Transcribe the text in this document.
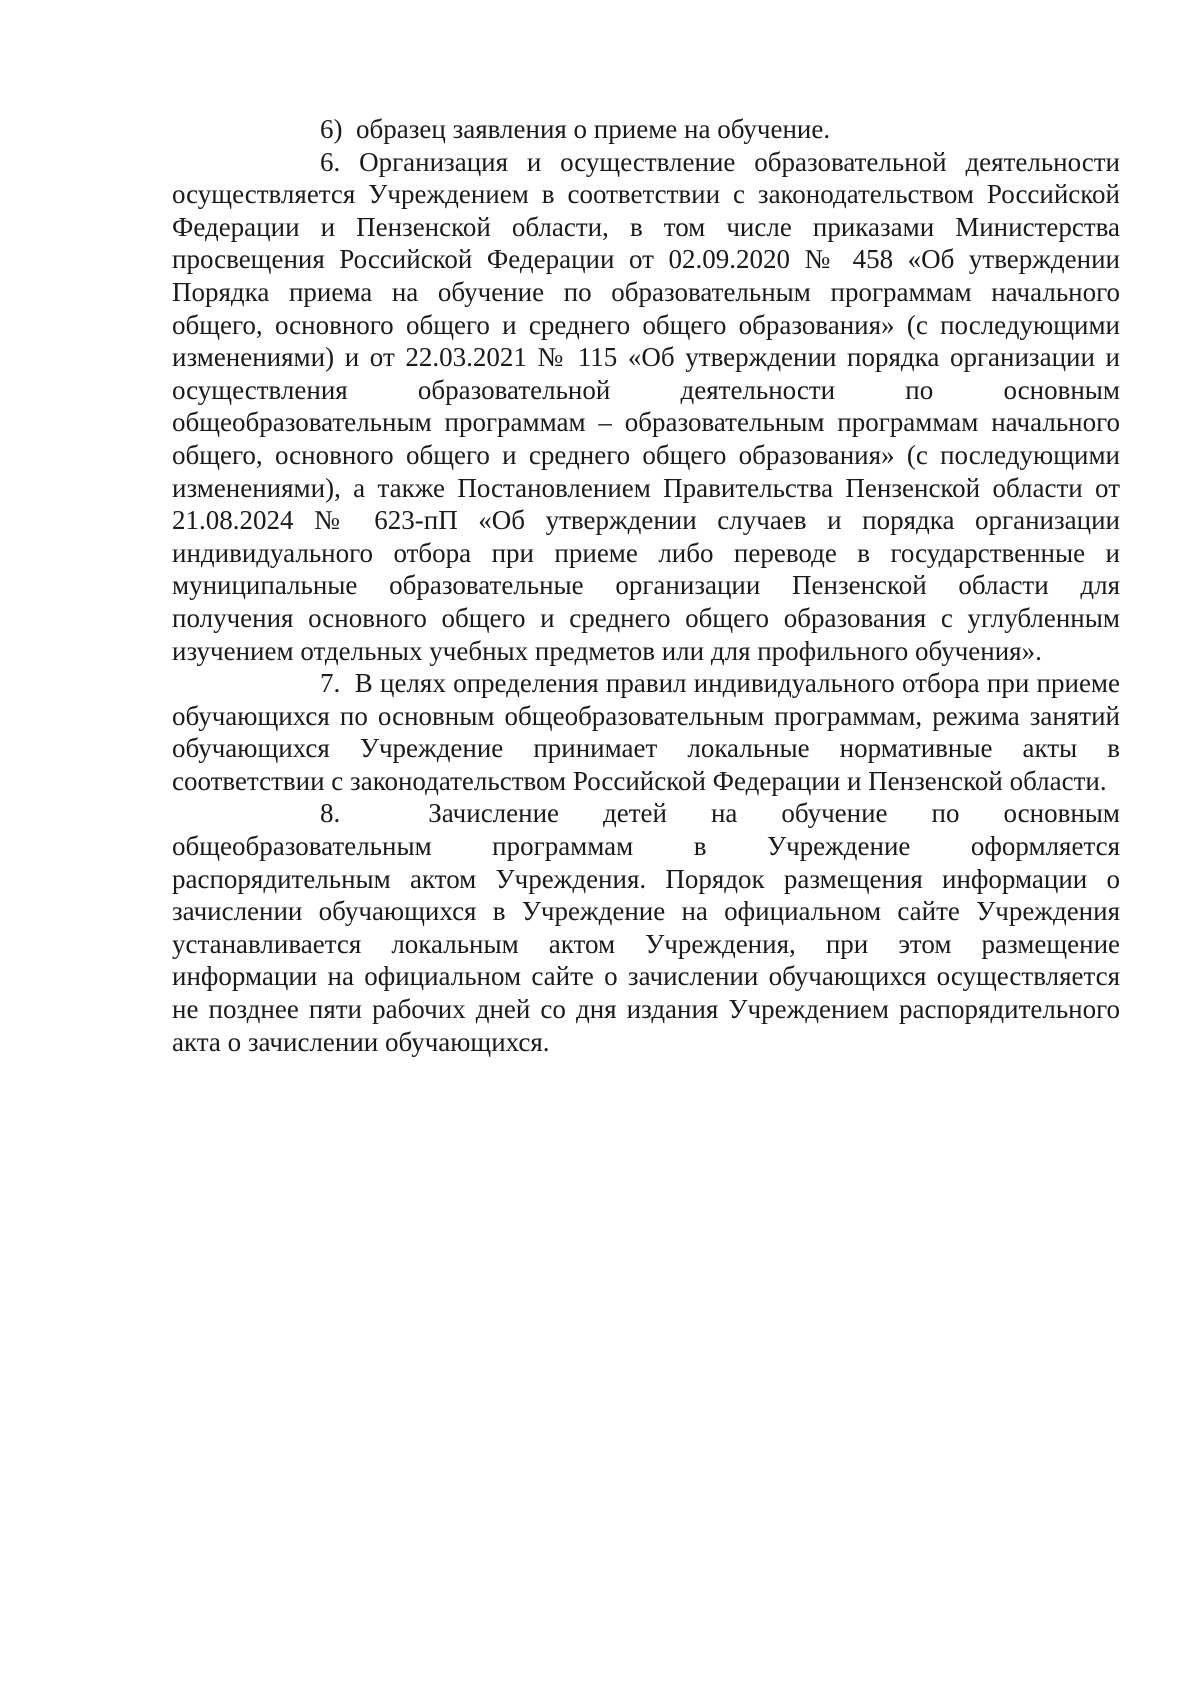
6) образец заявления о приеме на обучение.

6. Организация и осуществление образовательной деятельности осуществляется Учреждением в соответствии с законодательством Российской Федерации и Пензенской области, в том числе приказами Министерства просвещения Российской Федерации от 02.09.2020 № 458 «Об утверждении Порядка приема на обучение по образовательным программам начального общего, основного общего и среднего общего образования» (с последующими изменениями) и от 22.03.2021 № 115 «Об утверждении порядка организации и осуществления образовательной деятельности по основным общеобразовательным программам – образовательным программам начального общего, основного общего и среднего общего образования» (с последующими изменениями), а также Постановлением Правительства Пензенской области от 21.08.2024 № 623-пП «Об утверждении случаев и порядка организации индивидуального отбора при приеме либо переводе в государственные и муниципальные образовательные организации Пензенской области для получения основного общего и среднего общего образования с углубленным изучением отдельных учебных предметов или для профильного обучения».

7. В целях определения правил индивидуального отбора при приеме обучающихся по основным общеобразовательным программам, режима занятий обучающихся Учреждение принимает локальные нормативные акты в соответствии с законодательством Российской Федерации и Пензенской области.

8.	Зачисление детей на обучение по основным общеобразовательным программам в Учреждение оформляется распорядительным актом Учреждения. Порядок размещения информации о зачислении обучающихся в Учреждение на официальном сайте Учреждения устанавливается локальным актом Учреждения, при этом размещение информации на официальном сайте о зачислении обучающихся осуществляется не позднее пяти рабочих дней со дня издания Учреждением распорядительного акта о зачислении обучающихся.
